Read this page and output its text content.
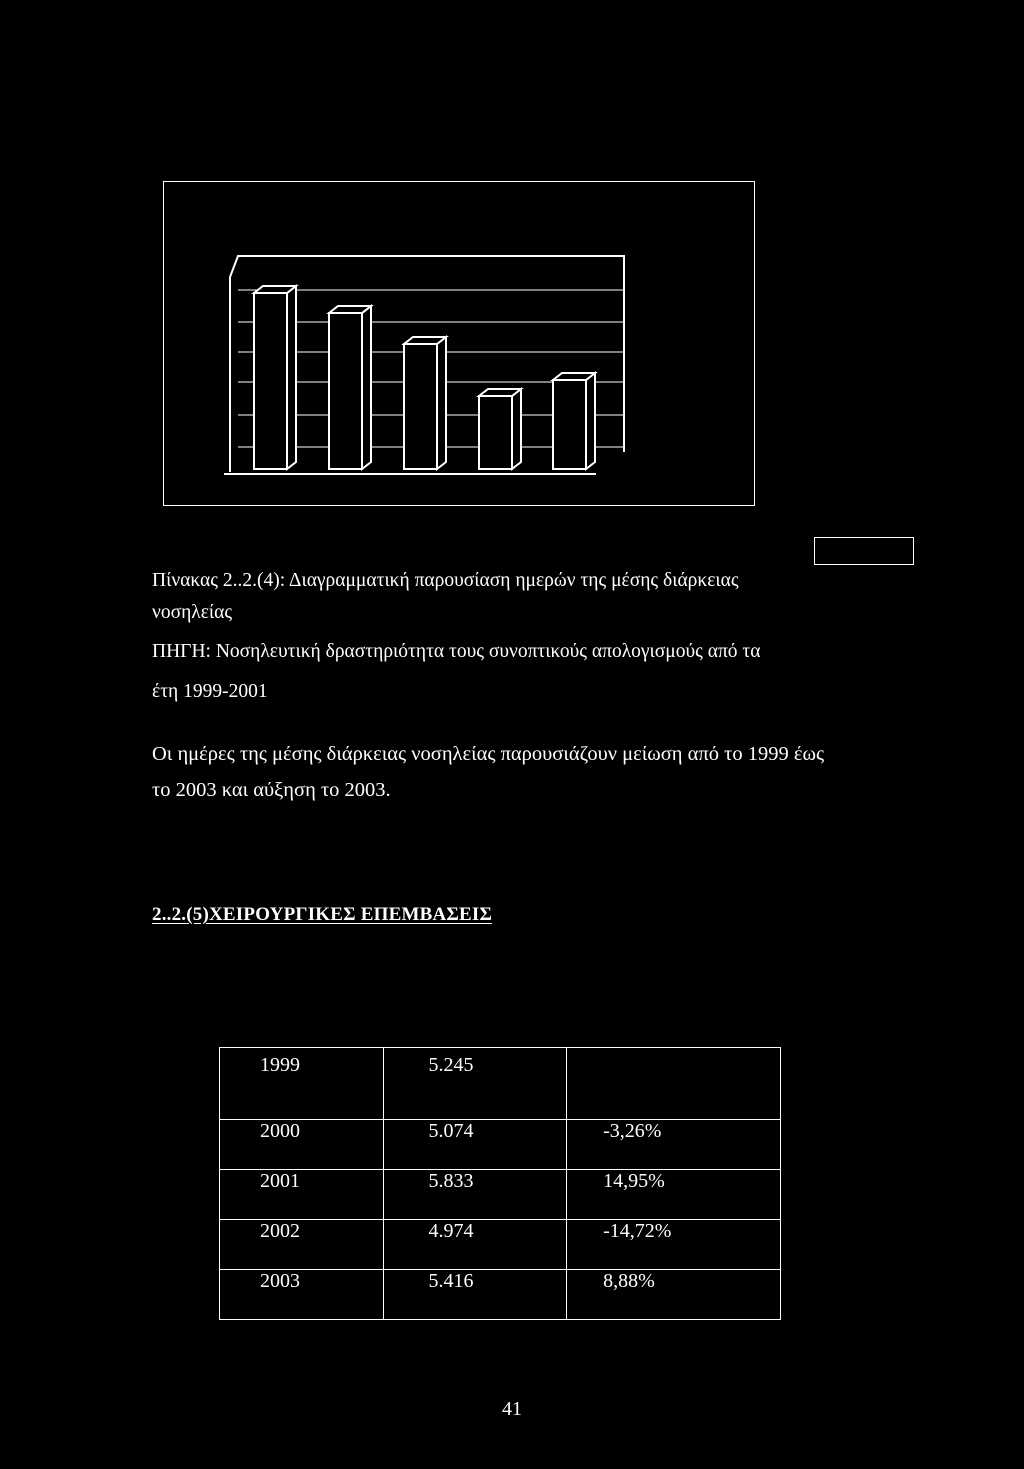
Πίνακας 2..2.(4): Διαγραμματική παρουσίαση ημερών της μέσης διάρκειας
νοσηλείας
ΠΗΓΗ: Νοσηλευτική δραστηριότητα τους συνοπτικούς απολογισμούς από τα
έτη 1999-2001
Οι ημέρες της μέσης διάρκειας νοσηλείας παρουσιάζουν μείωση από το 1999 έως
το 2003 και αύξηση το 2003.
2..2.(5)ΧΕΙΡΟΥΡΓΙΚΕΣ ΕΠΕΜΒΑΣΕΙΣ
1999	5.245	
2000	5.074	-3,26%
2001	5.833	14,95%
2002	4.974	-14,72%
2003	5.416	8,88%
41
